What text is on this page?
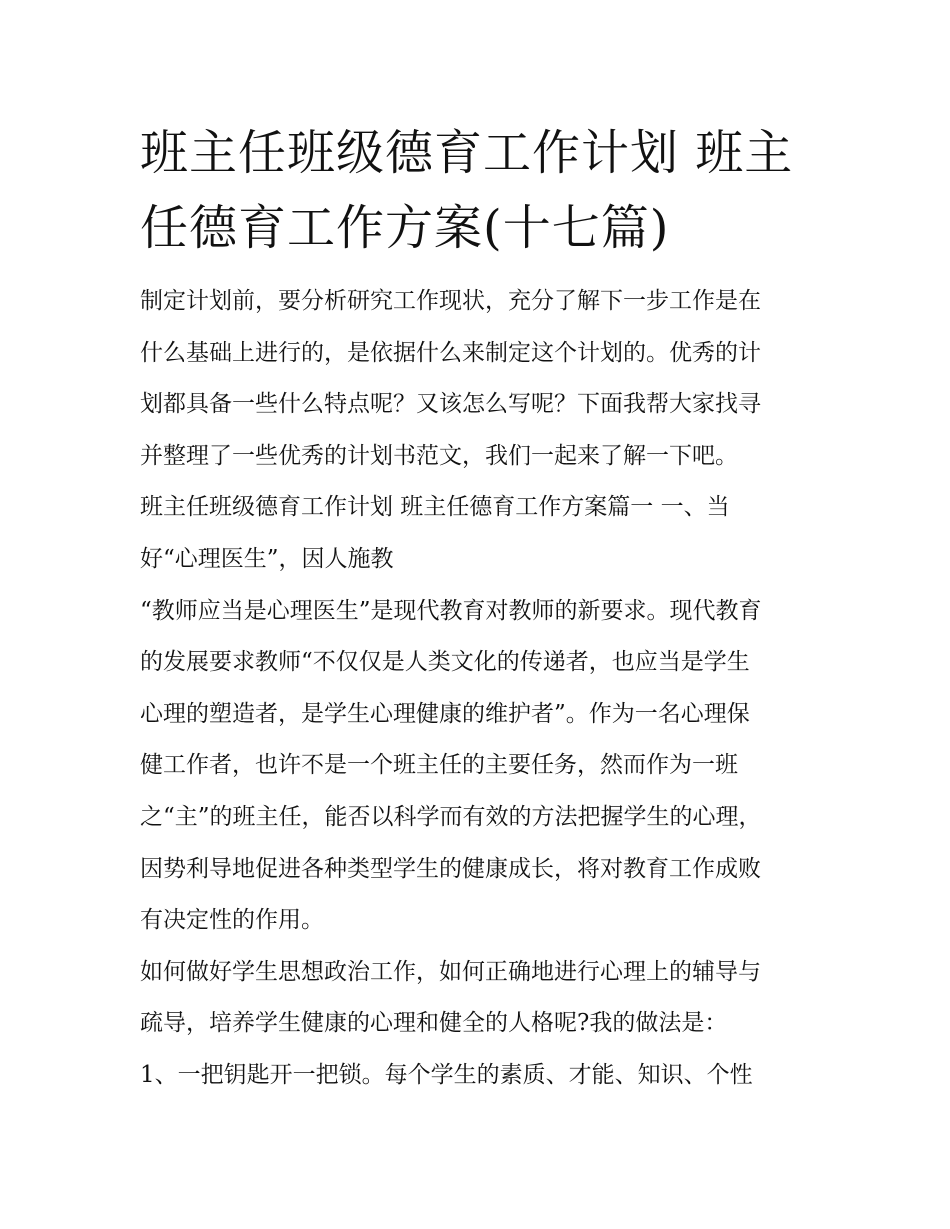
班主任班级德育工作计划 班主
任德育工作方案(十七篇)

制定计划前，要分析研究工作现状，充分了解下一步工作是在

什么基础上进行的，是依据什么来制定这个计划的。优秀的计

划都具备一些什么特点呢？又该怎么写呢？下面我帮大家找寻

并整理了一些优秀的计划书范文，我们一起来了解一下吧。

班主任班级德育工作计划 班主任德育工作方案篇一 一、当

好“心理医生”，因人施教

“教师应当是心理医生”是现代教育对教师的新要求。现代教育

的发展要求教师“不仅仅是人类文化的传递者，也应当是学生

心理的塑造者，是学生心理健康的维护者”。作为一名心理保

健工作者，也许不是一个班主任的主要任务，然而作为一班

之“主”的班主任，能否以科学而有效的方法把握学生的心理，

因势利导地促进各种类型学生的健康成长，将对教育工作成败

有决定性的作用。

如何做好学生思想政治工作，如何正确地进行心理上的辅导与

疏导，培养学生健康的心理和健全的人格呢?我的做法是：

1、一把钥匙开一把锁。每个学生的素质、才能、知识、个性
